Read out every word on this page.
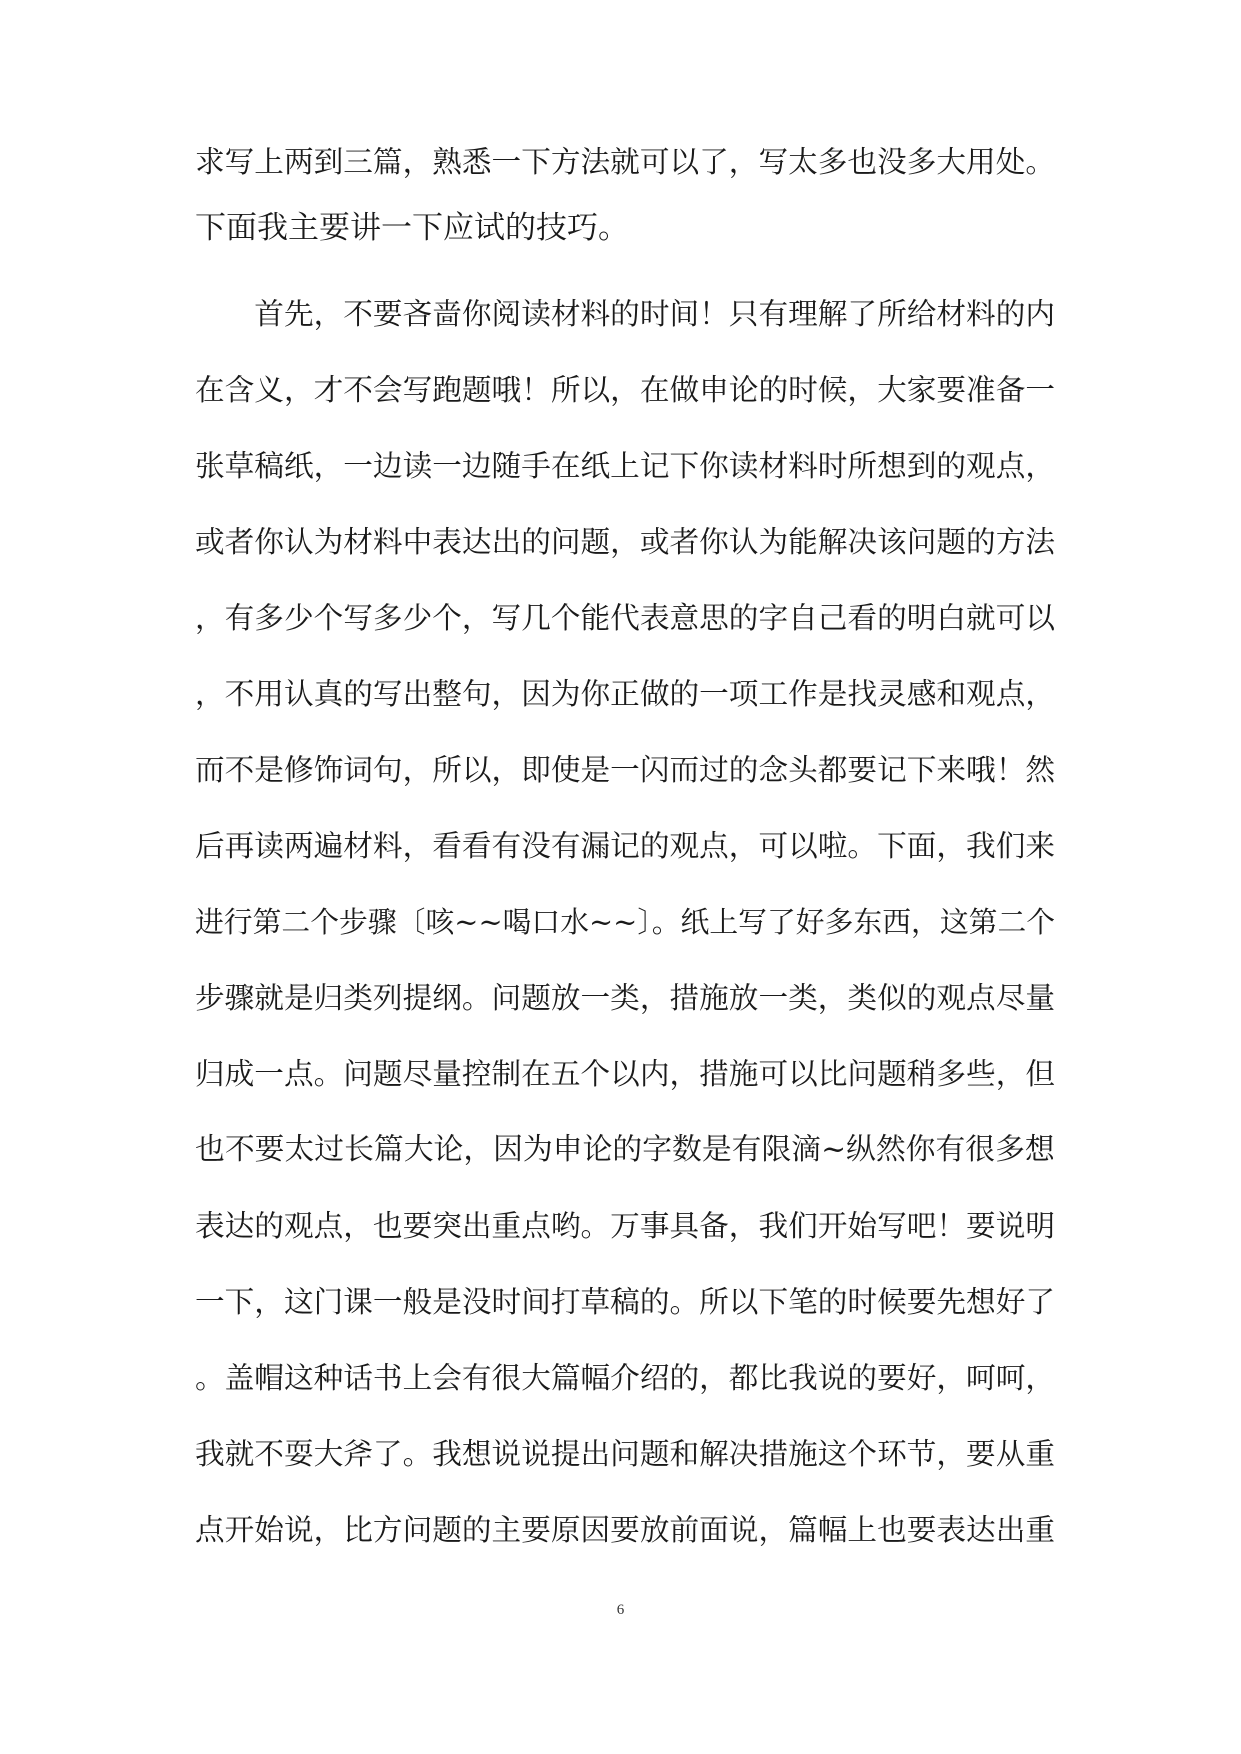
求写上两到三篇，熟悉一下方法就可以了，写太多也没多大用处。
下面我主要讲一下应试的技巧。
　　首先，不要吝啬你阅读材料的时间！只有理解了所给材料的内
在含义，才不会写跑题哦！所以，在做申论的时候，大家要准备一
张草稿纸，一边读一边随手在纸上记下你读材料时所想到的观点，
或者你认为材料中表达出的问题，或者你认为能解决该问题的方法
，有多少个写多少个，写几个能代表意思的字自己看的明白就可以
，不用认真的写出整句，因为你正做的一项工作是找灵感和观点，
而不是修饰词句，所以，即使是一闪而过的念头都要记下来哦！然
后再读两遍材料，看看有没有漏记的观点，可以啦。下面，我们来
进行第二个步骤〔咳~~喝口水~~〕。纸上写了好多东西，这第二个
步骤就是归类列提纲。问题放一类，措施放一类，类似的观点尽量
归成一点。问题尽量控制在五个以内，措施可以比问题稍多些，但
也不要太过长篇大论，因为申论的字数是有限滴~纵然你有很多想
表达的观点，也要突出重点哟。万事具备，我们开始写吧！要说明
一下，这门课一般是没时间打草稿的。所以下笔的时候要先想好了
。盖帽这种话书上会有很大篇幅介绍的，都比我说的要好，呵呵，
我就不耍大斧了。我想说说提出问题和解决措施这个环节，要从重
点开始说，比方问题的主要原因要放前面说，篇幅上也要表达出重
6
